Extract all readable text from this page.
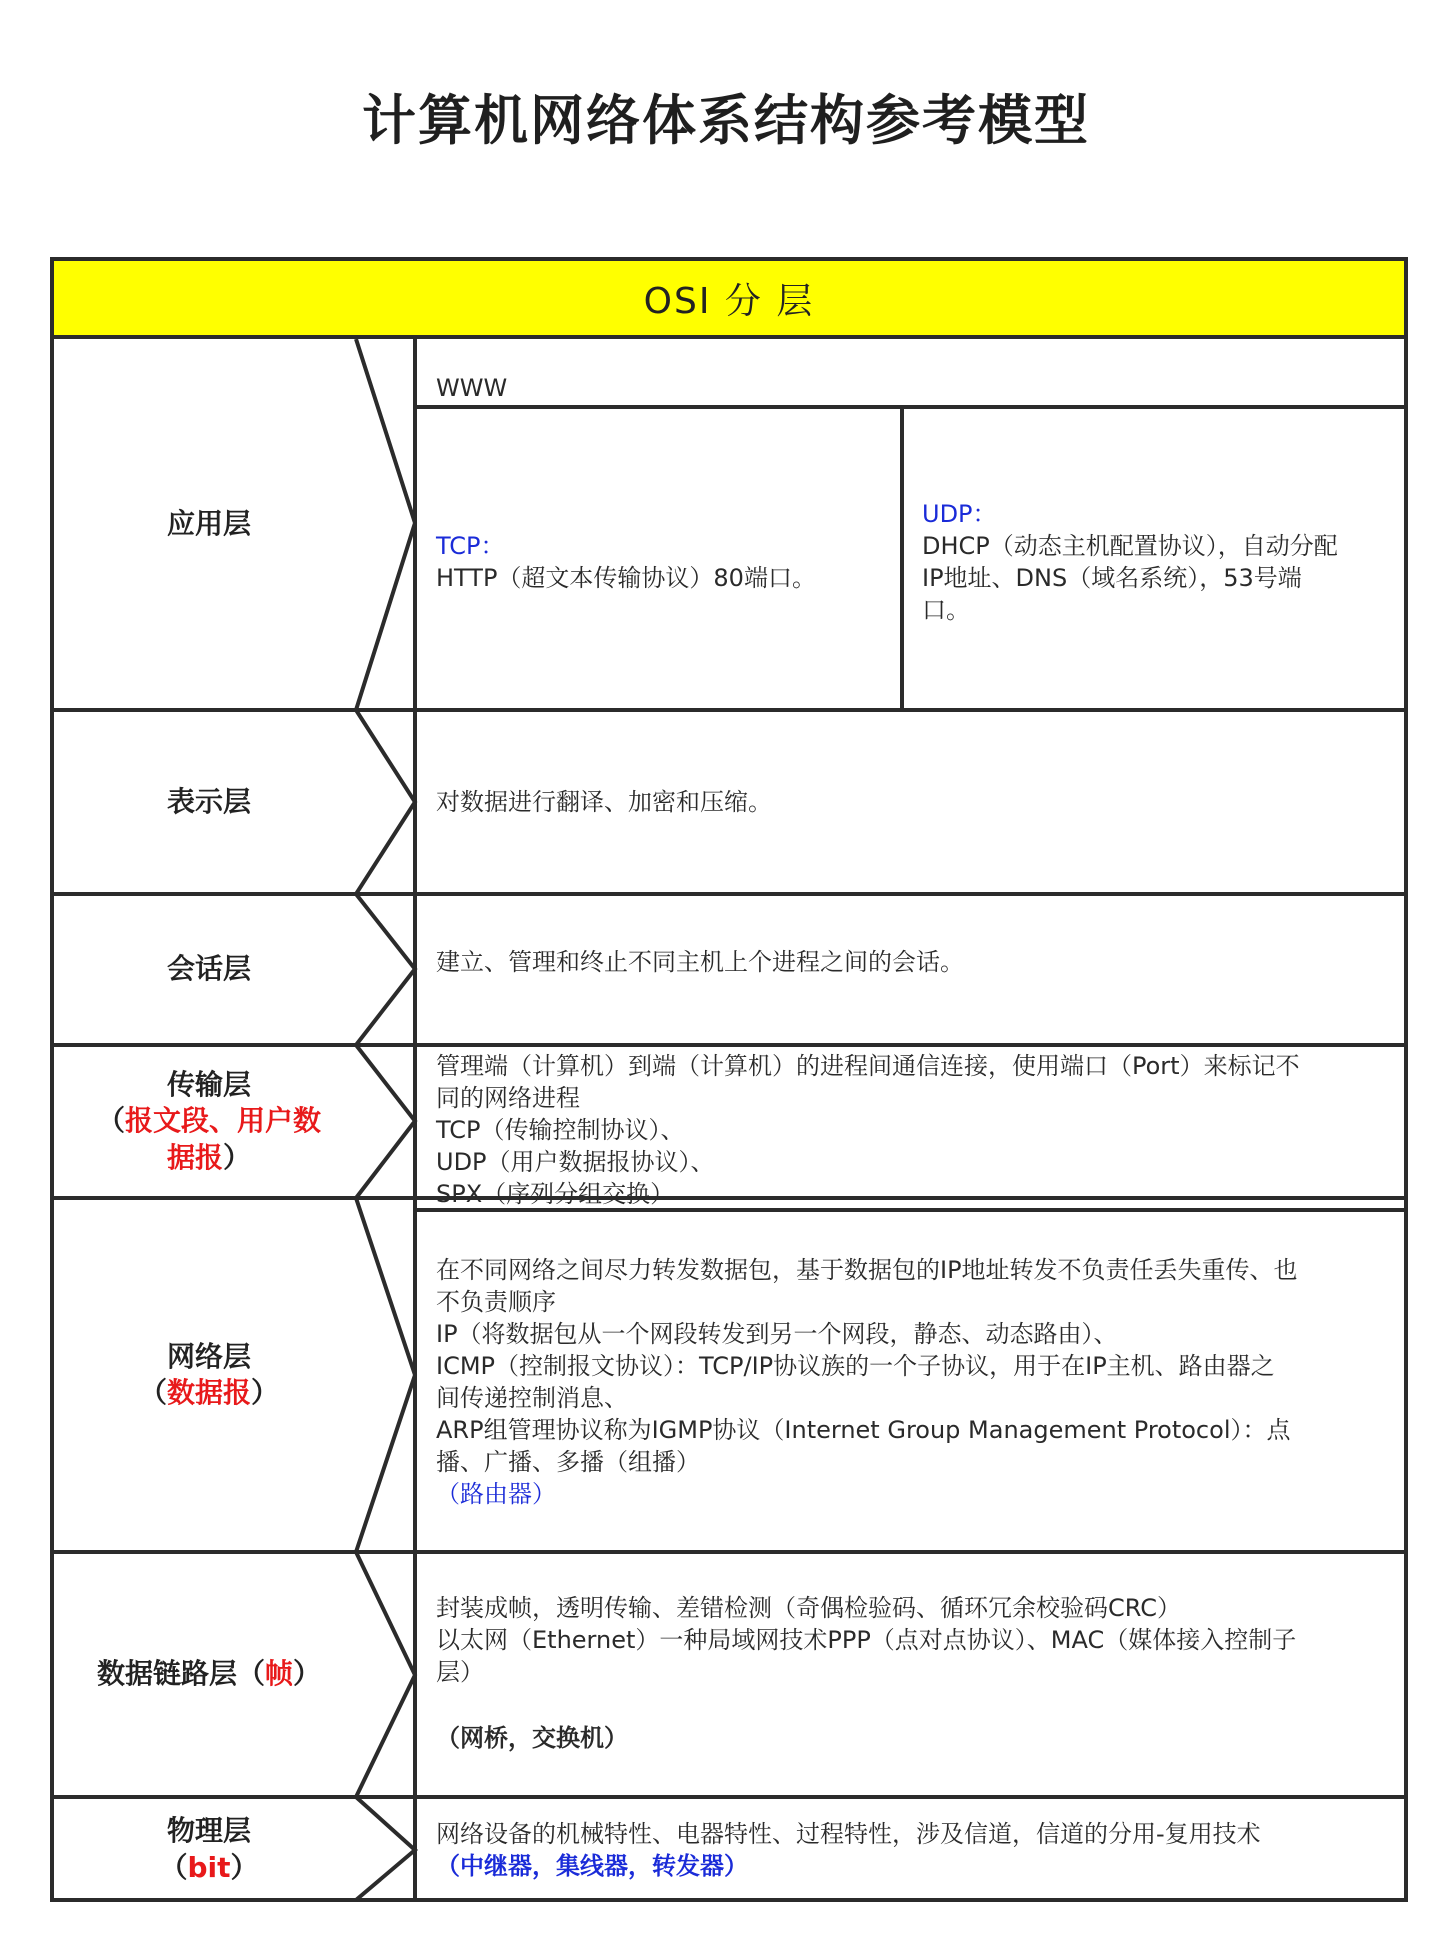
计算机网络体系结构参考模型
OSI 分 层
应用层
WWW
TCP：
HTTP（超文本传输协议）80端口。
UDP：
DHCP（动态主机配置协议），自动分配
IP地址、DNS（域名系统），53号端
口。
表示层	对数据进行翻译、加密和压缩。
会话层	建立、管理和终止不同主机上个进程之间的会话。
传输层
（报文段、用户数
据报）
管理端（计算机）到端（计算机）的进程间通信连接，使用端口（Port）来标记不
同的网络进程
TCP（传输控制协议）、
UDP（用户数据报协议）、
SPX（序列分组交换）
网络层
（数据报）
在不同网络之间尽力转发数据包，基于数据包的IP地址转发不负责任丢失重传、也
不负责顺序
IP（将数据包从一个网段转发到另一个网段，静态、动态路由）、
ICMP（控制报文协议）：TCP/IP协议族的一个子协议，用于在IP主机、路由器之
间传递控制消息、
ARP组管理协议称为IGMP协议（Internet Group Management Protocol）：点
播、广播、多播（组播）
（路由器）
数据链路层（帧）
封装成帧，透明传输、差错检测（奇偶检验码、循环冗余校验码CRC）
以太网（Ethernet）一种局域网技术PPP（点对点协议）、MAC（媒体接入控制子
层）
（网桥，交换机）
物理层
（bit）
网络设备的机械特性、电器特性、过程特性，涉及信道，信道的分用-复用技术
（中继器，集线器，转发器）
